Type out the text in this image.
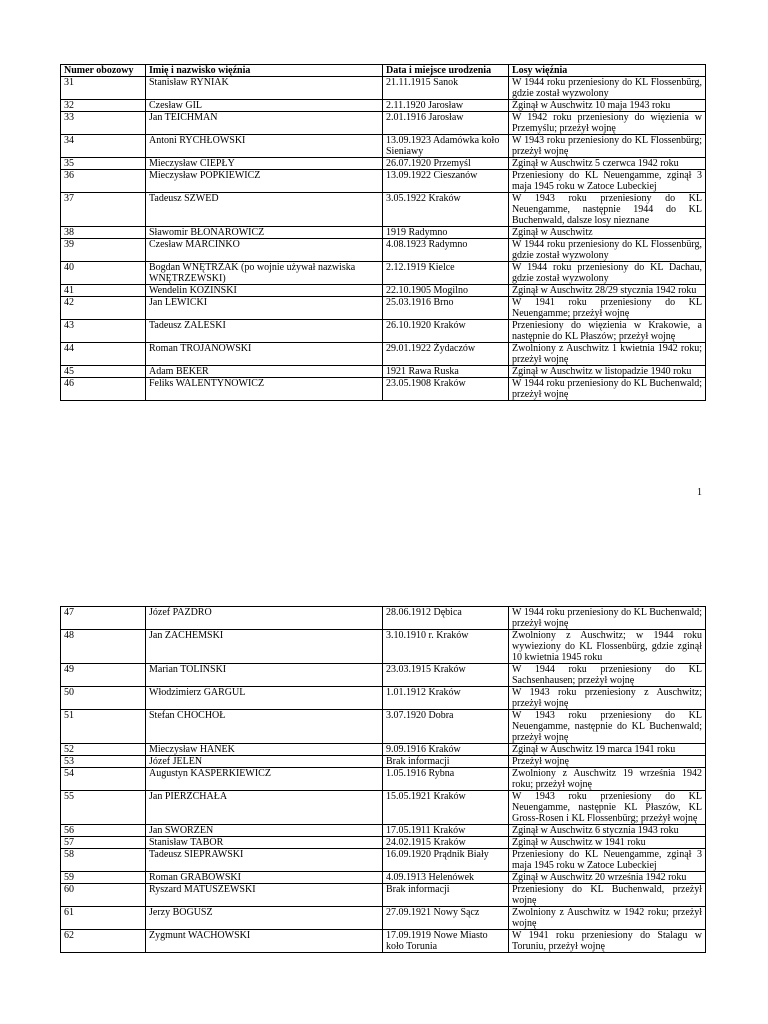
Numer obozowy	Imię i nazwisko więźnia	Data i miejsce urodzenia	Losy więźnia
31	Stanisław RYNIAK	21.11.1915 Sanok	W 1944 roku przeniesiony do KL Flossenbürg, gdzie został wyzwolony
32	Czesław GIL	2.11.1920 Jarosław	Zginął w Auschwitz 10 maja 1943 roku
33	Jan TEICHMAN	2.01.1916 Jarosław	W 1942 roku przeniesiony do więzienia w Przemyślu; przeżył wojnę
34	Antoni RYCHŁOWSKI	13.09.1923 Adamówka koło Sieniawy	W 1943 roku przeniesiony do KL Flossenbürg; przeżył wojnę
35	Mieczysław CIEPŁY	26.07.1920 Przemyśl	Zginął w Auschwitz 5 czerwca 1942 roku
36	Mieczysław POPKIEWICZ	13.09.1922 Cieszanów	Przeniesiony do KL Neuengamme, zginął 3 maja 1945 roku w Zatoce Lubeckiej
37	Tadeusz SZWED	3.05.1922 Kraków	W 1943 roku przeniesiony do KL Neuengamme, następnie 1944 do KL Buchenwald, dalsze losy nieznane
38	Sławomir BŁONAROWICZ	1919 Radymno	Zginął w Auschwitz
39	Czesław MARCINKO	4.08.1923 Radymno	W 1944 roku przeniesiony do KL Flossenbürg, gdzie został wyzwolony
40	Bogdan WNĘTRZAK (po wojnie używał nazwiska WNĘTRZEWSKI)	2.12.1919 Kielce	W 1944 roku przeniesiony do KL Dachau, gdzie został wyzwolony
41	Wendelin KOZIŃSKI	22.10.1905 Mogilno	Zginął w Auschwitz 28/29 stycznia 1942 roku
42	Jan LEWICKI	25.03.1916 Brno	W 1941 roku przeniesiony do KL Neuengamme; przeżył wojnę
43	Tadeusz ZALESKI	26.10.1920 Kraków	Przeniesiony do więzienia w Krakowie, a następnie do KL Płaszów; przeżył wojnę
44	Roman TROJANOWSKI	29.01.1922 Żydaczów	Zwolniony z Auschwitz 1 kwietnia 1942 roku; przeżył wojnę
45	Adam BEKER	1921 Rawa Ruska	Zginął w Auschwitz w listopadzie 1940 roku
46	Feliks WALENTYNOWICZ	23.05.1908 Kraków	W 1944 roku przeniesiony do KL Buchenwald; przeżył wojnę
1
47	Józef PAZDRO	28.06.1912 Dębica	W 1944 roku przeniesiony do KL Buchenwald; przeżył wojnę
48	Jan ZACHEMSKI	3.10.1910 r. Kraków	Zwolniony z Auschwitz; w 1944 roku wywieziony do KL Flossenbürg, gdzie zginął 10 kwietnia 1945 roku
49	Marian TOLIŃSKI	23.03.1915 Kraków	W 1944 roku przeniesiony do KL Sachsenhausen; przeżył wojnę
50	Włodzimierz GARGUL	1.01.1912 Kraków	W 1943 roku przeniesiony z Auschwitz; przeżył wojnę
51	Stefan CHOCHOŁ	3.07.1920 Dobra	W 1943 roku przeniesiony do KL Neuengamme, następnie do KL Buchenwald; przeżył wojnę
52	Mieczysław HANEK	9.09.1916 Kraków	Zginął w Auschwitz 19 marca 1941 roku
53	Józef JELEN	Brak informacji	Przeżył wojnę
54	Augustyn KASPERKIEWICZ	1.05.1916 Rybna	Zwolniony z Auschwitz 19 września 1942 roku; przeżył wojnę
55	Jan PIERZCHAŁA	15.05.1921 Kraków	W 1943 roku przeniesiony do KL Neuengamme, następnie KL Płaszów, KL Gross-Rosen i KL Flossenbürg; przeżył wojnę
56	Jan SWORZEN	17.05.1911 Kraków	Zginął w Auschwitz 6 stycznia 1943 roku
57	Stanisław TABOR	24.02.1915 Kraków	Zginął w Auschwitz w 1941 roku
58	Tadeusz SIEPRAWSKI	16.09.1920 Prądnik Biały	Przeniesiony do KL Neuengamme, zginął 3 maja 1945 roku w Zatoce Lubeckiej
59	Roman GRABOWSKI	4.09.1913 Helenówek	Zginął w Auschwitz 20 września 1942 roku
60	Ryszard MATUSZEWSKI	Brak informacji	Przeniesiony do KL Buchenwald, przeżył wojnę
61	Jerzy BOGUSZ	27.09.1921 Nowy Sącz	Zwolniony z Auschwitz w 1942 roku; przeżył wojnę
62	Zygmunt WACHOWSKI	17.09.1919 Nowe Miasto koło Torunia	W 1941 roku przeniesiony do Stalagu w Toruniu, przeżył wojnę
